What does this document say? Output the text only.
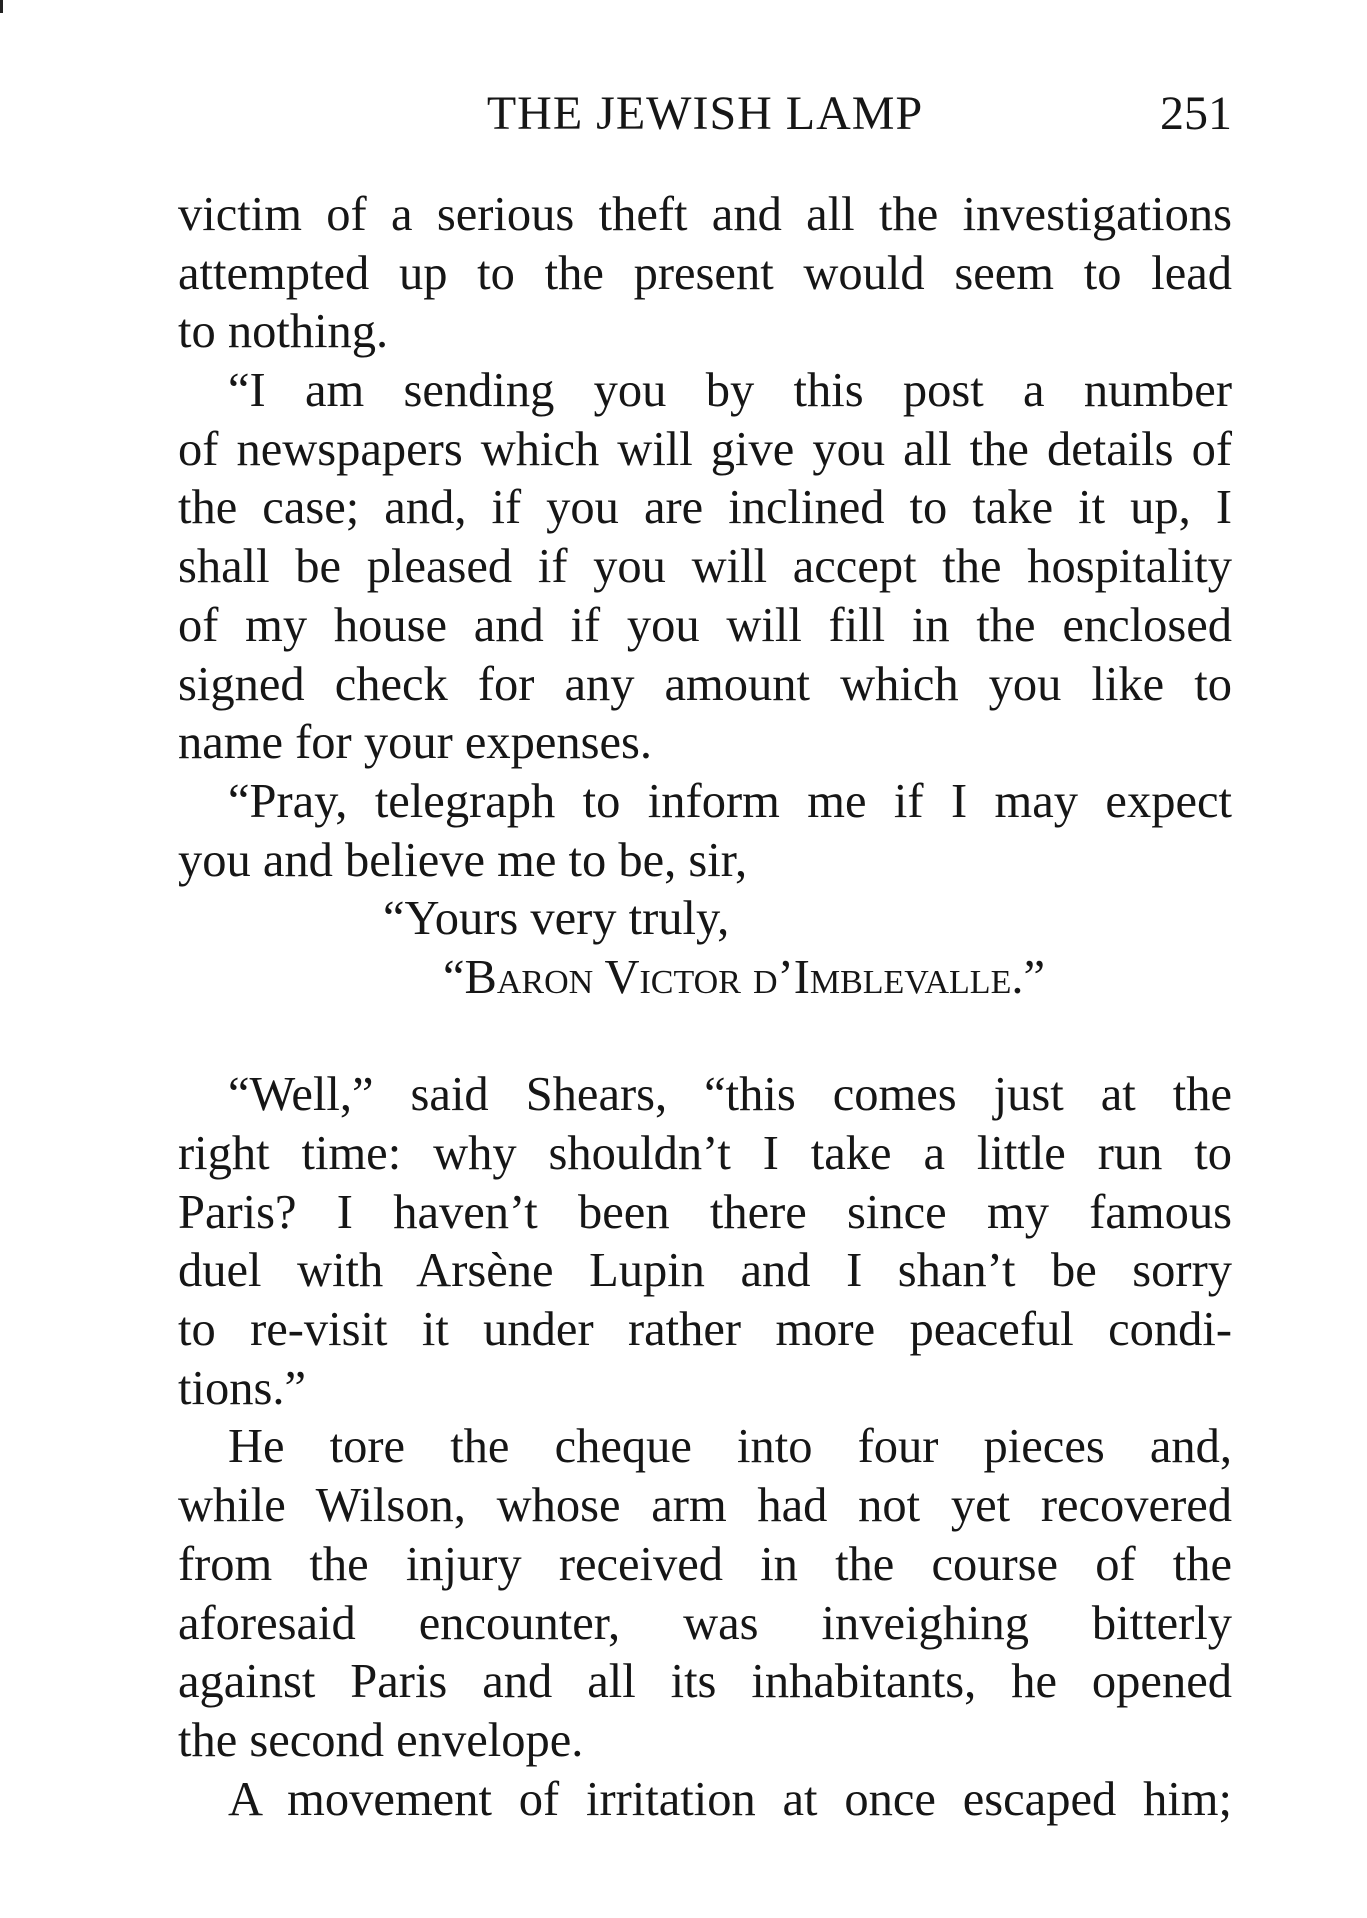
THE JEWISH LAMP	251
victim of a serious theft and all the investigations
attempted up to the present would seem to lead
to nothing.
“I am sending you by this post a number
of newspapers which will give you all the details of
the case; and, if you are inclined to take it up, I
shall be pleased if you will accept the hospitality
of my house and if you will fill in the enclosed
signed check for any amount which you like to
name for your expenses.
“Pray, telegraph to inform me if I may expect
you and believe me to be, sir,
“Yours very truly,
“Baron Victor d’Imblevalle.”
“Well,” said Shears, “this comes just at the
right time: why shouldn’t I take a little run to
Paris? I haven’t been there since my famous
duel with Arsène Lupin and I shan’t be sorry
to re-visit it under rather more peaceful condi-
tions.”
He tore the cheque into four pieces and,
while Wilson, whose arm had not yet recovered
from the injury received in the course of the
aforesaid encounter, was inveighing bitterly
against Paris and all its inhabitants, he opened
the second envelope.
A movement of irritation at once escaped him;
